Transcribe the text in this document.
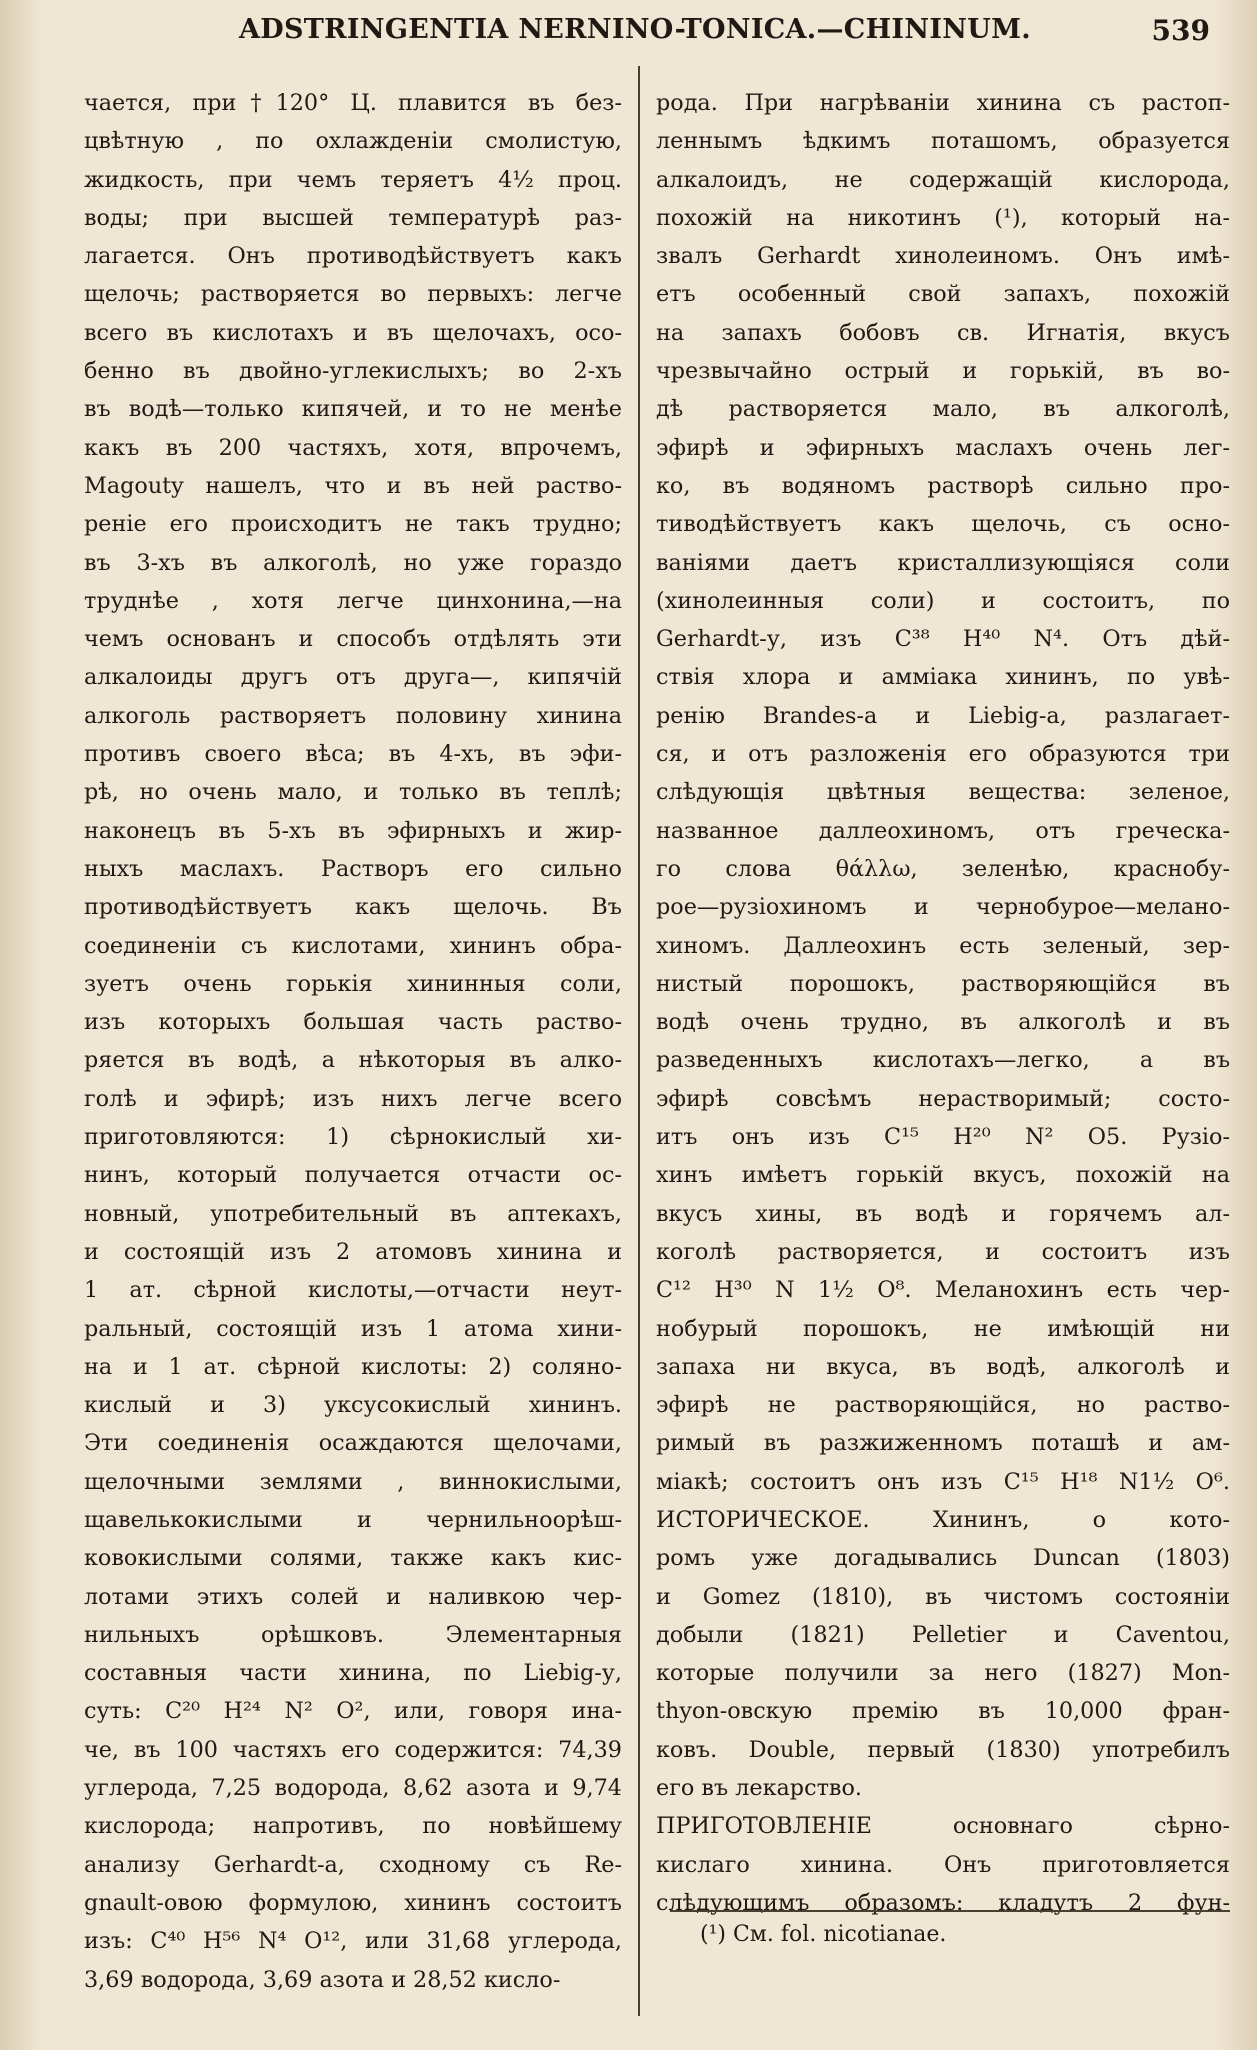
ADSTRINGENTIA NERNINO-TONICA.—CHININUM.	539
чается, при†120° Ц. плавится въ без-
цвѣтную , по охлажденіи смолистую,
жидкость, при чемъ теряетъ 4½ проц.
воды; при высшей температурѣ раз-
лагается. Онъ противодѣйствуетъ какъ
щелочь; растворяется во первыхъ: легче
всего въ кислотахъ и въ щелочахъ, осо-
бенно въ двойно-углекислыхъ; во 2-хъ
въ водѣ—только кипячей, и то не менѣе
какъ въ 200 частяхъ, хотя, впрочемъ,
Magouty нашелъ, что и въ ней раство-
реніе его происходитъ не такъ трудно;
въ 3-хъ въ алкоголѣ, но уже гораздо
труднѣе , хотя легче цинхонина,—на
чемъ основанъ и способъ отдѣлять эти
алкалоиды другъ отъ друга—, кипячій
алкоголь растворяетъ половину хинина
противъ своего вѣса; въ 4-хъ, въ эфи-
рѣ, но очень мало, и только въ теплѣ;
наконецъ въ 5-хъ въ эфирныхъ и жир-
ныхъ маслахъ. Растворъ его сильно
противодѣйствуетъ какъ щелочь. Въ
соединеніи съ кислотами, хининъ обра-
зуетъ очень горькія хининныя соли,
изъ которыхъ большая часть раство-
ряется въ водѣ, а нѣкоторыя въ алко-
голѣ и эфирѣ; изъ нихъ легче всего
приготовляются: 1) сѣрнокислый хи-
нинъ, который получается отчасти ос-
новный, употребительный въ аптекахъ,
и состоящій изъ 2 атомовъ хинина и
1 ат. сѣрной кислоты,—отчасти неут-
ральный, состоящій изъ 1 атома хини-
на и 1 ат. сѣрной кислоты: 2) соляно-
кислый и 3) уксусокислый хининъ.
Эти соединенія осаждаются щелочами,
щелочными землями , виннокислыми,
щавелькокислыми и чернильноорѣш-
ковокислыми солями, также какъ кис-
лотами этихъ солей и наливкою чер-
нильныхъ орѣшковъ. Элементарныя
составныя части хинина, по Liebig-у,
суть: C²⁰ H²⁴ N² O², или, говоря ина-
че, въ 100 частяхъ его содержится: 74,39
углерода, 7,25 водорода, 8,62 азота и 9,74
кислорода; напротивъ, по новѣйшему
анализу Gerhardt-a, сходному съ Re-
gnault-овою формулою, хининъ состоитъ
изъ: C⁴⁰ H⁵⁶ N⁴ O¹², или 31,68 углерода,
3,69 водорода, 3,69 азота и 28,52 кисло-
рода. При нагрѣваніи хинина съ растоп-
леннымъ ѣдкимъ поташомъ, образуется
алкалоидъ, не содержащій кислорода,
похожій на никотинъ (¹), который на-
звалъ Gerhardt хинолеиномъ. Онъ имѣ-
етъ особенный свой запахъ, похожій
на запахъ бобовъ св. Игнатія, вкусъ
чрезвычайно острый и горькій, въ во-
дѣ растворяется мало, въ алкоголѣ,
эфирѣ и эфирныхъ маслахъ очень лег-
ко, въ водяномъ растворѣ сильно про-
тиводѣйствуетъ какъ щелочь, съ осно-
ваніями даетъ кристаллизующіяся соли
(хинолеинныя соли) и состоитъ, по
Gerhardt-у, изъ C³⁸ H⁴⁰ N⁴. Отъ дѣй-
ствія хлора и амміака хининъ, по увѣ-
ренію Brandes-a и Liebig-a, разлагает-
ся, и отъ разложенія его образуются три
слѣдующія цвѣтныя вещества: зеленое,
названное даллеохиномъ, отъ греческа-
го слова θάλλω, зеленѣю, краснобу-
рое—рузіохиномъ и чернобурое—мелано-
хиномъ. Даллеохинъ есть зеленый, зер-
нистый порошокъ, растворяющійся въ
водѣ очень трудно, въ алкоголѣ и въ
разведенныхъ кислотахъ—легко, а въ
эфирѣ совсѣмъ нерастворимый; состо-
итъ онъ изъ C¹⁵ H²⁰ N² O5. Рузіо-
хинъ имѣетъ горькій вкусъ, похожій на
вкусъ хины, въ водѣ и горячемъ ал-
коголѣ растворяется, и состоитъ изъ
C¹² H³⁰ N 1½ O⁸. Меланохинъ есть чер-
нобурый порошокъ, не имѣющій ни
запаха ни вкуса, въ водѣ, алкоголѣ и
эфирѣ не растворяющійся, но раство-
римый въ разжиженномъ поташѣ и ам-
міакѣ; состоитъ онъ изъ C¹⁵ H¹⁸ N1½ O⁶.
ИСТОРИЧЕСКОЕ. Хининъ, о кото-
ромъ уже догадывались Duncan (1803)
и Gomez (1810), въ чистомъ состояніи
добыли (1821) Pelletier и Caventou,
которые получили за него (1827) Mon-
thyon-овскую премію въ 10,000 фран-
ковъ. Double, первый (1830) употребилъ
его въ лекарство.
ПРИГОТОВЛЕНІЕ основнаго сѣрно-
кислаго хинина. Онъ приготовляется
слѣдующимъ образомъ: кладутъ 2 фун-
(¹) См. fol. nicotianae.
